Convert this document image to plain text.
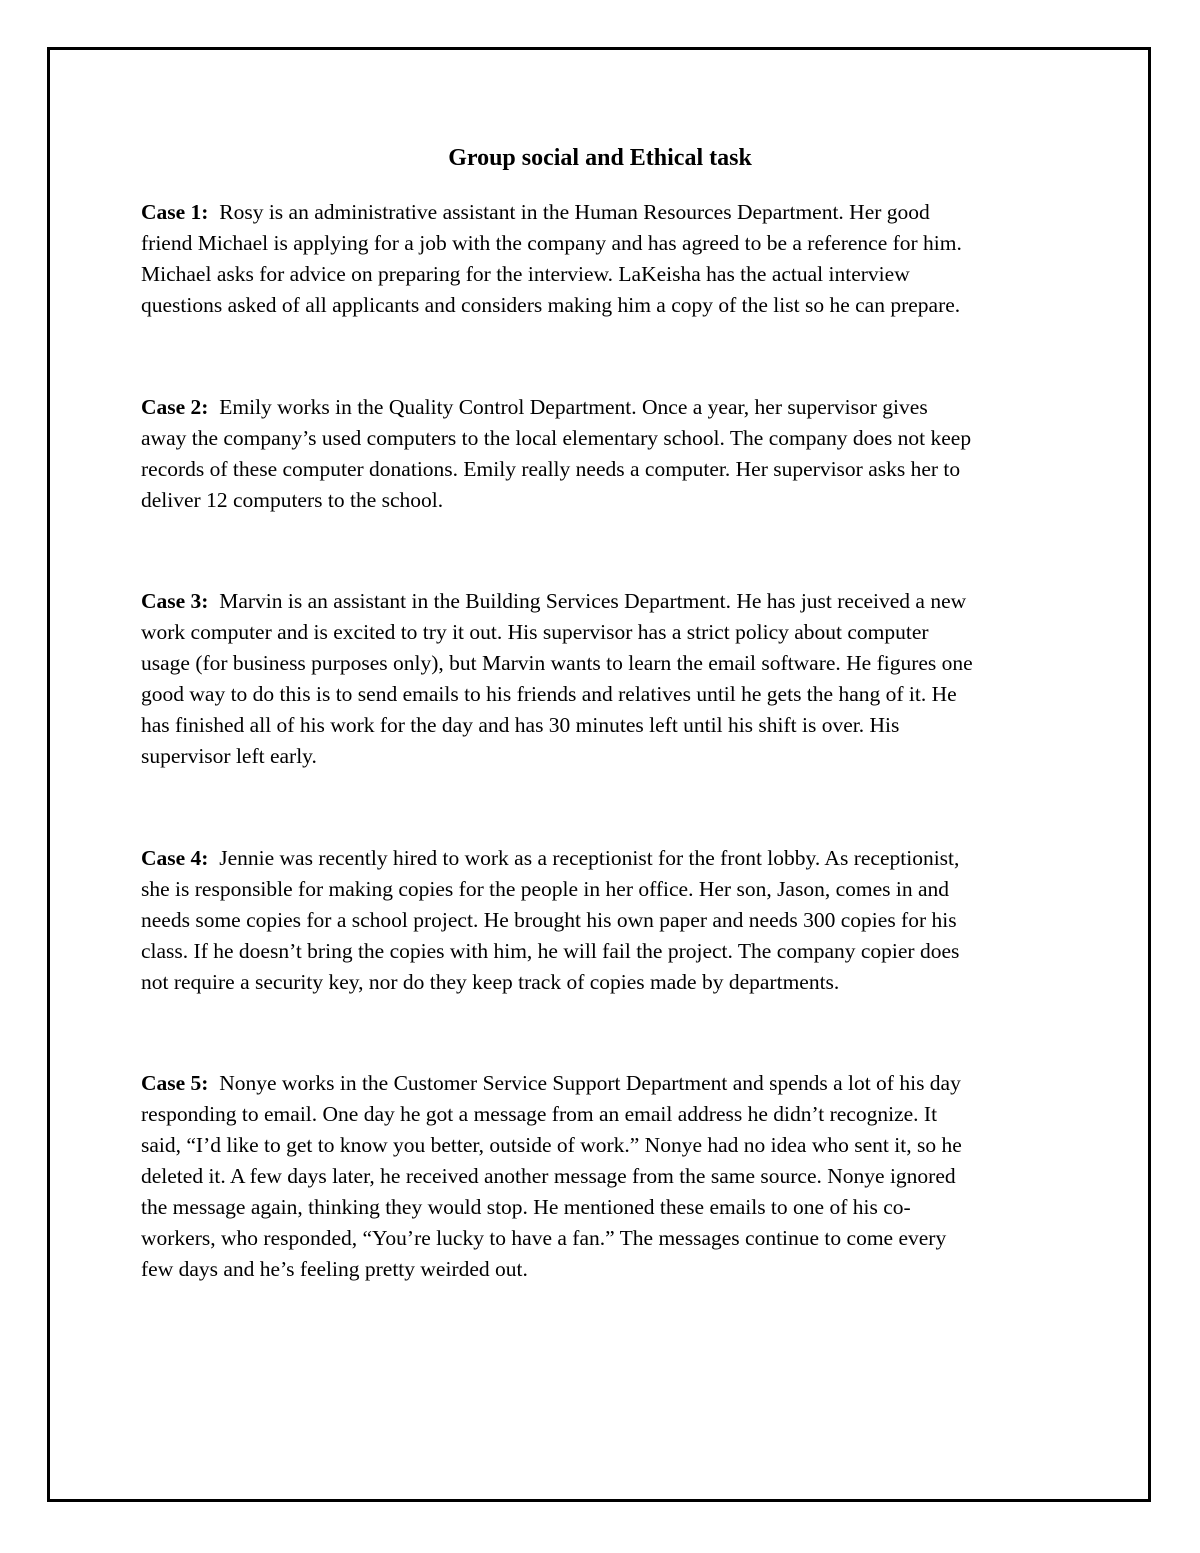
Group social and Ethical task

Case 1: Rosy is an administrative assistant in the Human Resources Department. Her good
friend Michael is applying for a job with the company and has agreed to be a reference for him.
Michael asks for advice on preparing for the interview. LaKeisha has the actual interview
questions asked of all applicants and considers making him a copy of the list so he can prepare.

Case 2: Emily works in the Quality Control Department. Once a year, her supervisor gives
away the company’s used computers to the local elementary school. The company does not keep
records of these computer donations. Emily really needs a computer. Her supervisor asks her to
deliver 12 computers to the school.

Case 3: Marvin is an assistant in the Building Services Department. He has just received a new
work computer and is excited to try it out. His supervisor has a strict policy about computer
usage (for business purposes only), but Marvin wants to learn the email software. He figures one
good way to do this is to send emails to his friends and relatives until he gets the hang of it. He
has finished all of his work for the day and has 30 minutes left until his shift is over. His
supervisor left early.

Case 4: Jennie was recently hired to work as a receptionist for the front lobby. As receptionist,
she is responsible for making copies for the people in her office. Her son, Jason, comes in and
needs some copies for a school project. He brought his own paper and needs 300 copies for his
class. If he doesn’t bring the copies with him, he will fail the project. The company copier does
not require a security key, nor do they keep track of copies made by departments.

Case 5: Nonye works in the Customer Service Support Department and spends a lot of his day
responding to email. One day he got a message from an email address he didn’t recognize. It
said, “I’d like to get to know you better, outside of work.” Nonye had no idea who sent it, so he
deleted it. A few days later, he received another message from the same source. Nonye ignored
the message again, thinking they would stop. He mentioned these emails to one of his co-
workers, who responded, “You’re lucky to have a fan.” The messages continue to come every
few days and he’s feeling pretty weirded out.
